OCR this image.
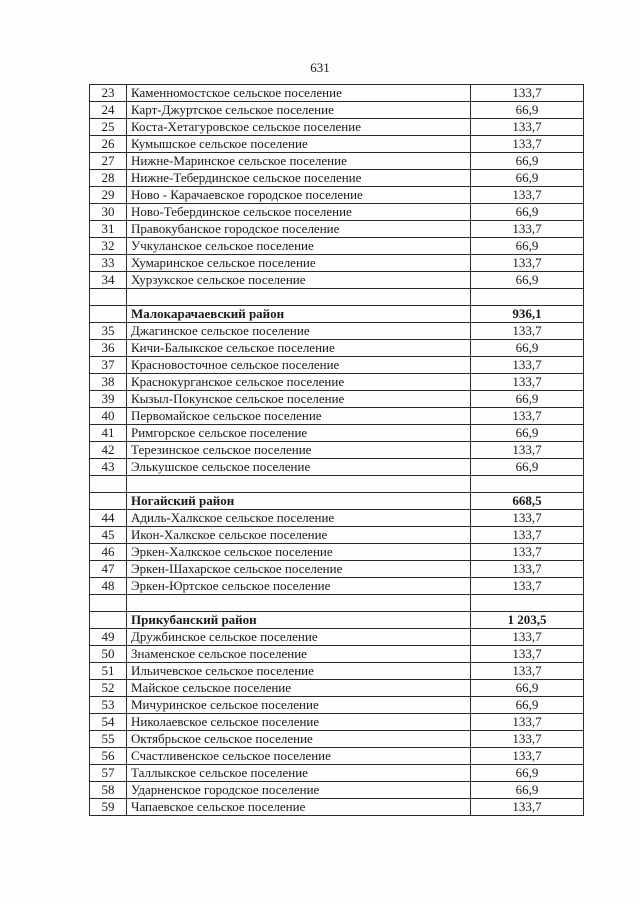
631
23	Каменномостское сельское поселение	133,7
24	Карт-Джуртское сельское поселение	66,9
25	Коста-Хетагуровское сельское поселение	133,7
26	Кумышское сельское поселение	133,7
27	Нижне-Маринское сельское поселение	66,9
28	Нижне-Тебердинское сельское поселение	66,9
29	Ново - Карачаевское городское поселение	133,7
30	Ново-Тебердинское сельское поселение	66,9
31	Правокубанское городское поселение	133,7
32	Учкуланское сельское поселение	66,9
33	Хумаринское сельское поселение	133,7
34	Хурзукское сельское поселение	66,9

	Малокарачаевский район	936,1
35	Джагинское сельское поселение	133,7
36	Кичи-Балыкское сельское поселение	66,9
37	Красновосточное сельское поселение	133,7
38	Краснокурганское сельское поселение	133,7
39	Кызыл-Покунское сельское поселение	66,9
40	Первомайское сельское поселение	133,7
41	Римгорское сельское поселение	66,9
42	Терезинское сельское поселение	133,7
43	Элькушское сельское поселение	66,9

	Ногайский район	668,5
44	Адиль-Халкское сельское поселение	133,7
45	Икон-Халкское сельское поселение	133,7
46	Эркен-Халкское сельское поселение	133,7
47	Эркен-Шахарское сельское поселение	133,7
48	Эркен-Юртское сельское поселение	133,7

	Прикубанский район	1 203,5
49	Дружбинское сельское поселение	133,7
50	Знаменское сельское поселение	133,7
51	Ильичевское сельское поселение	133,7
52	Майское сельское поселение	66,9
53	Мичуринское сельское поселение	66,9
54	Николаевское сельское поселение	133,7
55	Октябрьское сельское поселение	133,7
56	Счастливенское сельское поселение	133,7
57	Таллыкское сельское поселение	66,9
58	Ударненское городское поселение	66,9
59	Чапаевское сельское поселение	133,7
